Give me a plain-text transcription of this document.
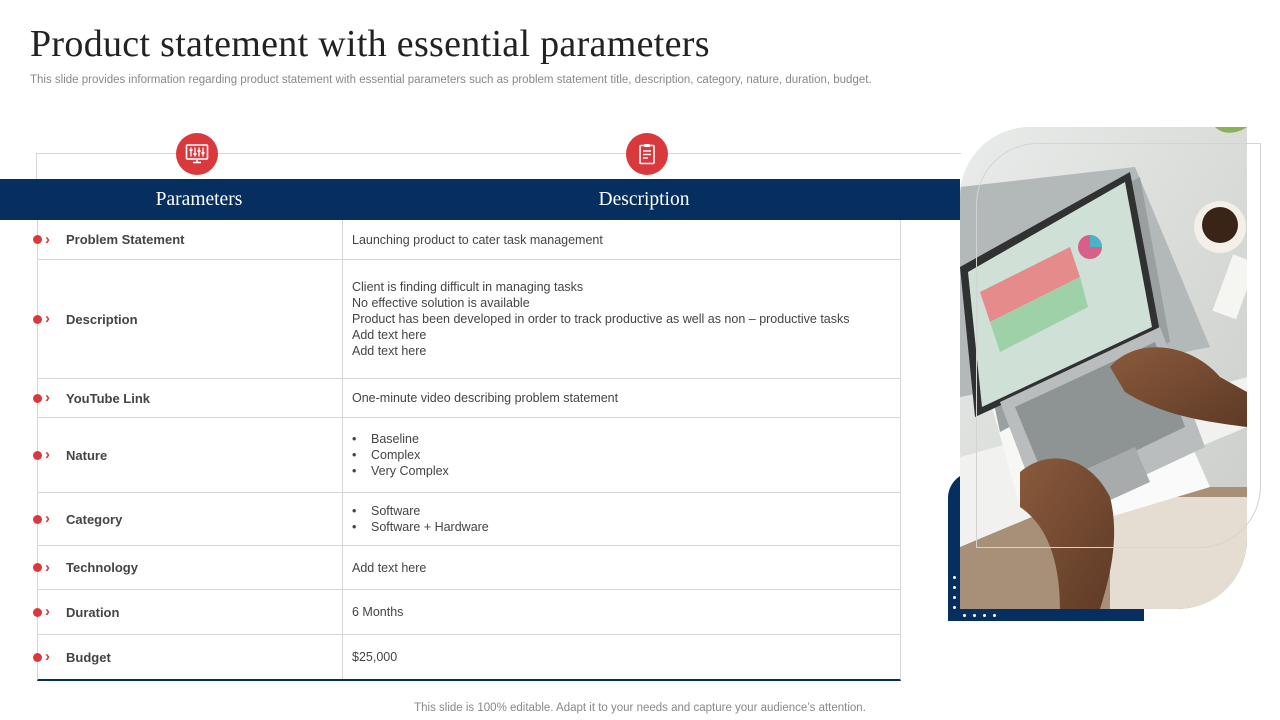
Product statement with essential parameters
This slide provides information regarding product statement with essential parameters such as problem statement title, description, category, nature, duration, budget.
Parameters	Description
›	Problem Statement	Launching product to cater task management
›	Description
Client is finding difficult in managing tasks
No effective solution is available
Product has been developed in order to track productive as well as non – productive tasks
Add text here
Add text here
›	YouTube Link	One-minute video describing problem statement
›	Nature
•	Baseline
•	Complex
•	Very Complex
›	Category
•	Software
•	Software + Hardware
›	Technology	Add text here
›	Duration	6 Months
›	Budget	$25,000
This slide is 100% editable. Adapt it to your needs and capture your audience’s attention.
